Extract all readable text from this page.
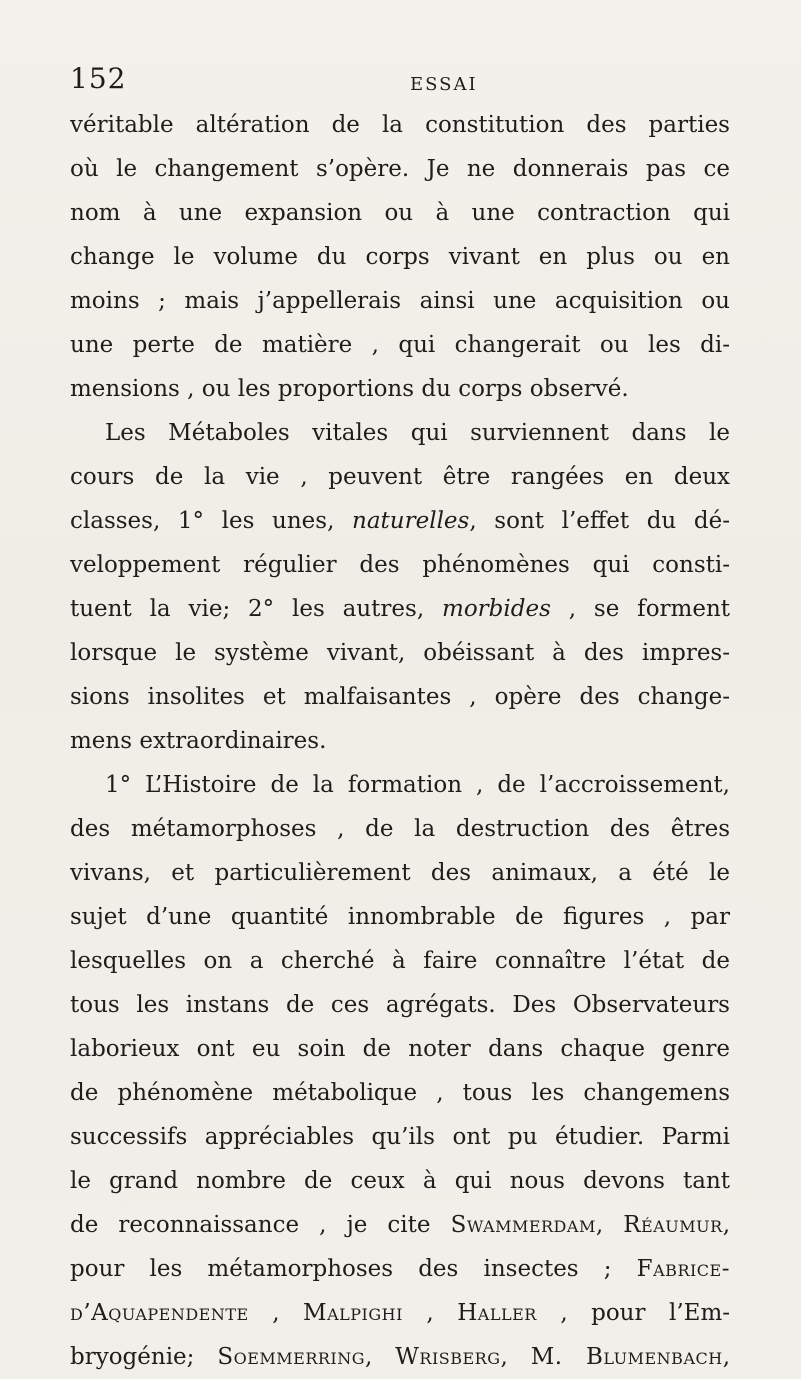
152	ESSAI
véritable altération de la constitution des parties
où le changement s’opère. Je ne donnerais pas ce
nom à une expansion ou à une contraction qui
change le volume du corps vivant en plus ou en
moins ; mais j’appellerais ainsi une acquisition ou
une perte de matière , qui changerait ou les di-
mensions , ou les proportions du corps observé.
Les Métaboles vitales qui surviennent dans le
cours de la vie , peuvent être rangées en deux
classes, 1° les unes, naturelles, sont l’effet du dé-
veloppement régulier des phénomènes qui consti-
tuent la vie; 2° les autres, morbides , se forment
lorsque le système vivant, obéissant à des impres-
sions insolites et malfaisantes , opère des change-
mens extraordinaires.
1° L’Histoire de la formation , de l’accroissement,
des métamorphoses , de la destruction des êtres
vivans, et particulièrement des animaux, a été le
sujet d’une quantité innombrable de figures , par
lesquelles on a cherché à faire connaître l’état de
tous les instans de ces agrégats. Des Observateurs
laborieux ont eu soin de noter dans chaque genre
de phénomène métabolique , tous les changemens
successifs appréciables qu’ils ont pu étudier. Parmi
le grand nombre de ceux à qui nous devons tant
de reconnaissance , je cite Swammerdam, Réaumur,
pour les métamorphoses des insectes ; Fabrice-
d’Aquapendente , Malpighi , Haller , pour l’Em-
bryogénie; Soemmerring, Wrisberg, M. Blumenbach,
